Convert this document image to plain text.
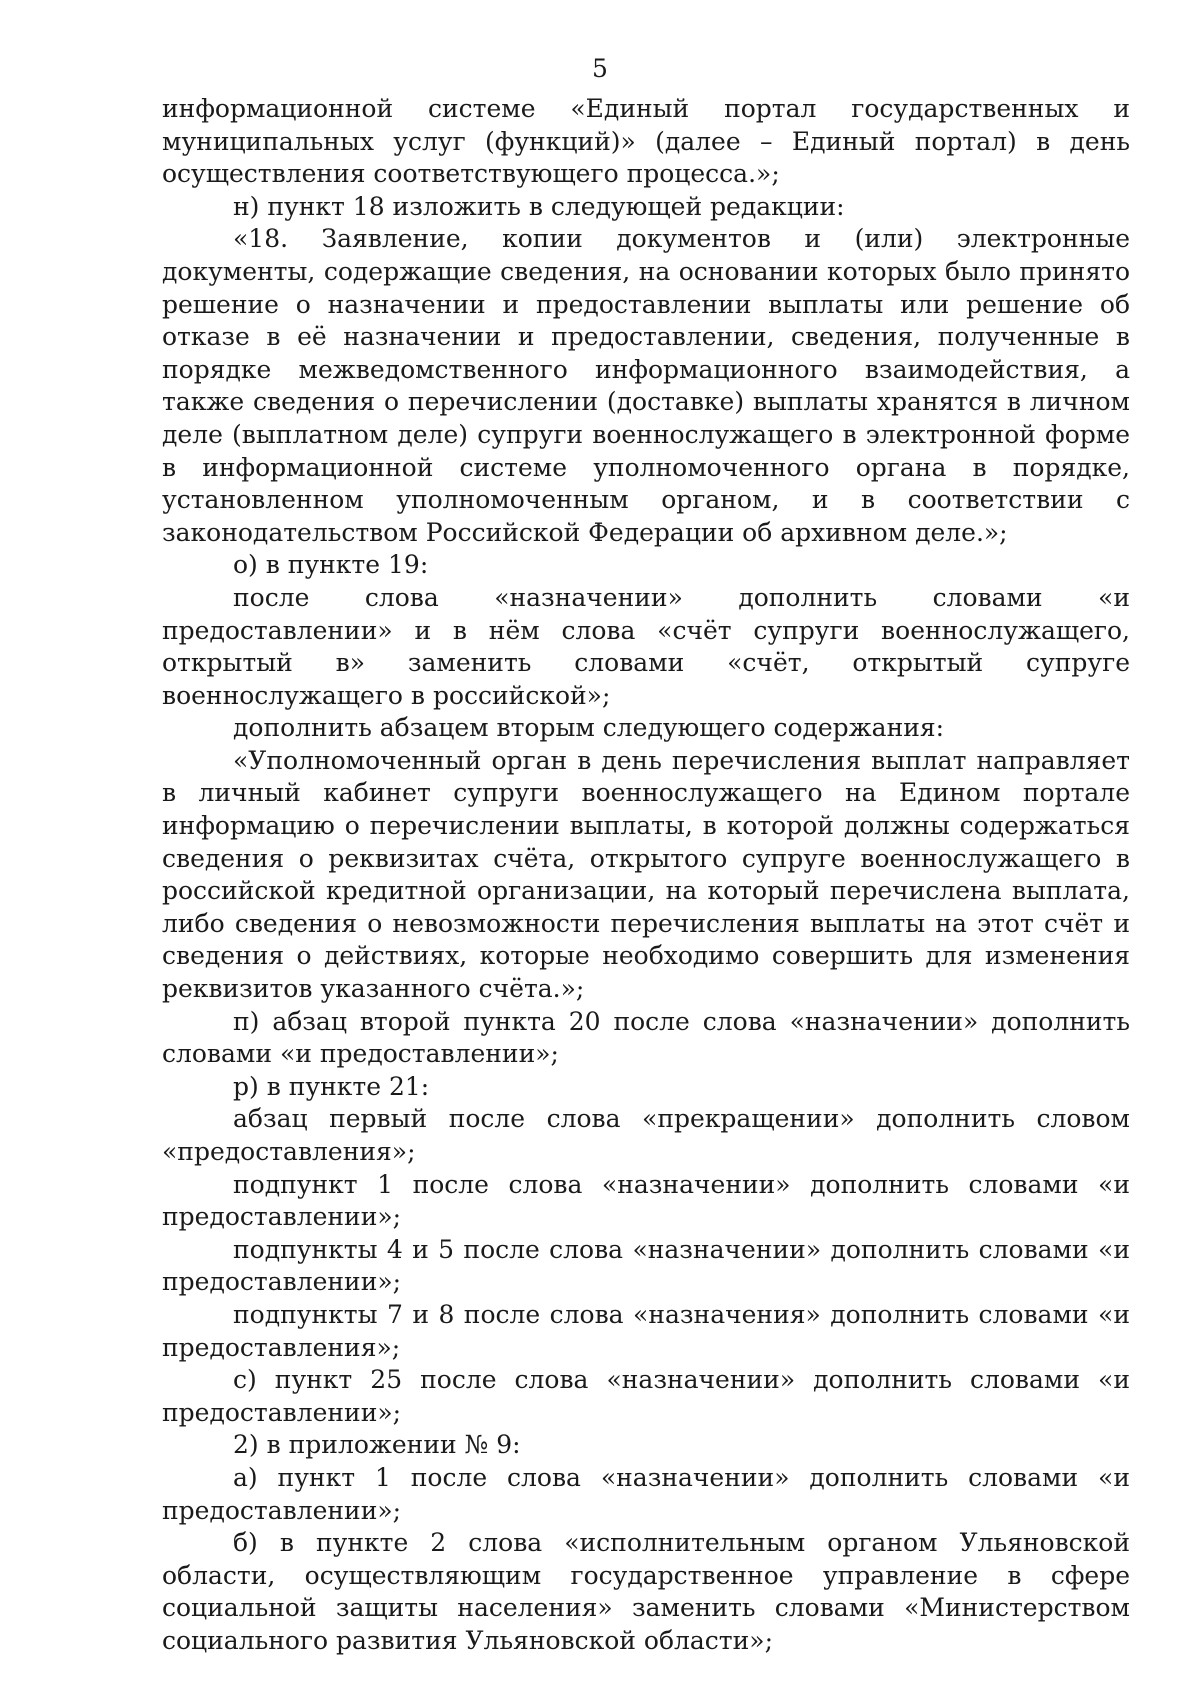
5

информационной системе «Единый портал государственных и муниципальных услуг (функций)» (далее – Единый портал) в день осуществления соответствующего процесса.»;

н) пункт 18 изложить в следующей редакции:

«18. Заявление, копии документов и (или) электронные документы, содержащие сведения, на основании которых было принято решение о назначении и предоставлении выплаты или решение об отказе в её назначении и предоставлении, сведения, полученные в порядке межведомственного информационного взаимодействия, а также сведения о перечислении (доставке) выплаты хранятся в личном деле (выплатном деле) супруги военнослужащего в электронной форме в информационной системе уполномоченного органа в порядке, установленном уполномоченным органом, и в соответствии с законодательством Российской Федерации об архивном деле.»;

о) в пункте 19:

после слова «назначении» дополнить словами «и предоставлении» и в нём слова «счёт супруги военнослужащего, открытый в» заменить словами «счёт, открытый супруге военнослужащего в российской»;

дополнить абзацем вторым следующего содержания:

«Уполномоченный орган в день перечисления выплат направляет в личный кабинет супруги военнослужащего на Едином портале информацию о перечислении выплаты, в которой должны содержаться сведения о реквизитах счёта, открытого супруге военнослужащего в российской кредитной организации, на который перечислена выплата, либо сведения о невозможности перечисления выплаты на этот счёт и сведения о действиях, которые необходимо совершить для изменения реквизитов указанного счёта.»;

п) абзац второй пункта 20 после слова «назначении» дополнить словами «и предоставлении»;

р) в пункте 21:

абзац первый после слова «прекращении» дополнить словом «предоставления»;

подпункт 1 после слова «назначении» дополнить словами «и предоставлении»;

подпункты 4 и 5 после слова «назначении» дополнить словами «и предоставлении»;

подпункты 7 и 8 после слова «назначения» дополнить словами «и предоставления»;

с) пункт 25 после слова «назначении» дополнить словами «и предоставлении»;

2) в приложении № 9:

а) пункт 1 после слова «назначении» дополнить словами «и предоставлении»;

б) в пункте 2 слова «исполнительным органом Ульяновской области, осуществляющим государственное управление в сфере социальной защиты населения» заменить словами «Министерством социального развития Ульяновской области»;
